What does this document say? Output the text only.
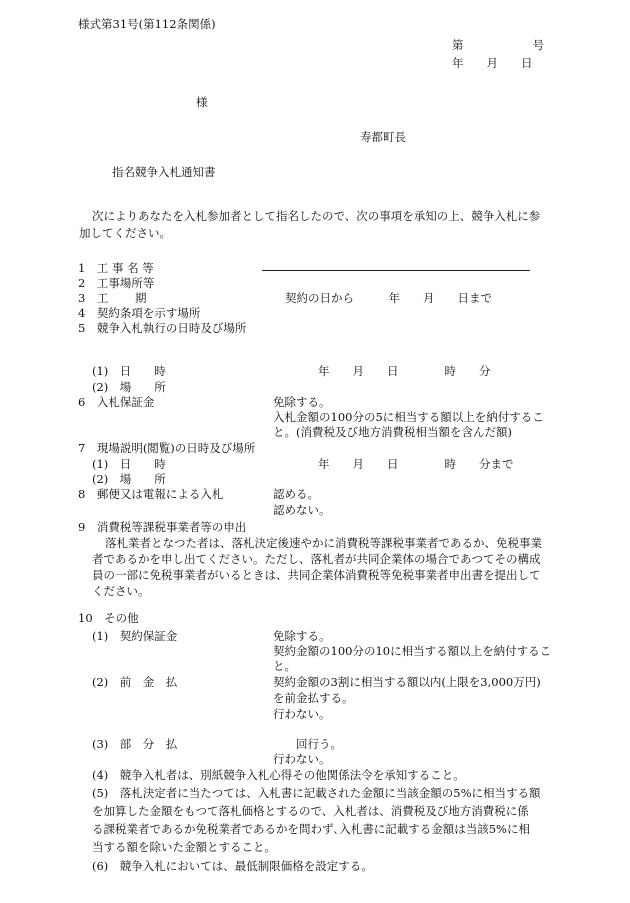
様式第31号(第112条関係)
第　　　　　　号
年　　月　　日
様
寿都町長
指名競争入札通知書
次によりあなたを入札参加者として指名したので、次の事項を承知の上、競争入札に参
加してください。
1　工 事 名 等
2　工事場所等
3　工　　 期	契約の日から　　　年　　月　　日まで
4　契約条項を示す場所
5　競争入札執行の日時及び場所
(1)　日　　時	年　　月　　日　　　　時　　分
(2)　場　　所
6　入札保証金	免除する。
入札金額の100分の5に相当する額以上を納付するこ
と。(消費税及び地方消費税相当額を含んだ額)
7　現場説明(閲覧)の日時及び場所
(1)　日　　時	年　　月　　日　　　　時　　分まで
(2)　場　　所
8　郵便又は電報による入札	認める。
認めない。
9　消費税等課税事業者等の申出
落札業者となつた者は、落札決定後速やかに消費税等課税事業者であるか、免税事業
者であるかを申し出てください。ただし、落札者が共同企業体の場合であつてその構成
員の一部に免税事業者がいるときは、共同企業体消費税等免税事業者申出書を提出して
ください。
10　その他
(1)　契約保証金	免除する。
契約金額の100分の10に相当する額以上を納付するこ
と。
(2)　前　金　払	契約金額の3割に相当する額以内(上限を3,000万円)
を前金払する。
行わない。
(3)　部　分　払	回行う。
行わない。
(4)　競争入札者は、別紙競争入札心得その他関係法令を承知すること。
(5)　落札決定者に当たつては、入札書に記載された金額に当該金額の5%に相当する額
を加算した金額をもつて落札価格とするので、入札者は、消費税及び地方消費税に係
る課税業者であるか免税業者であるかを問わず､入札書に記載する金額は当該5%に相
当する額を除いた金額とすること。
(6)　競争入札においては、最低制限価格を設定する。
